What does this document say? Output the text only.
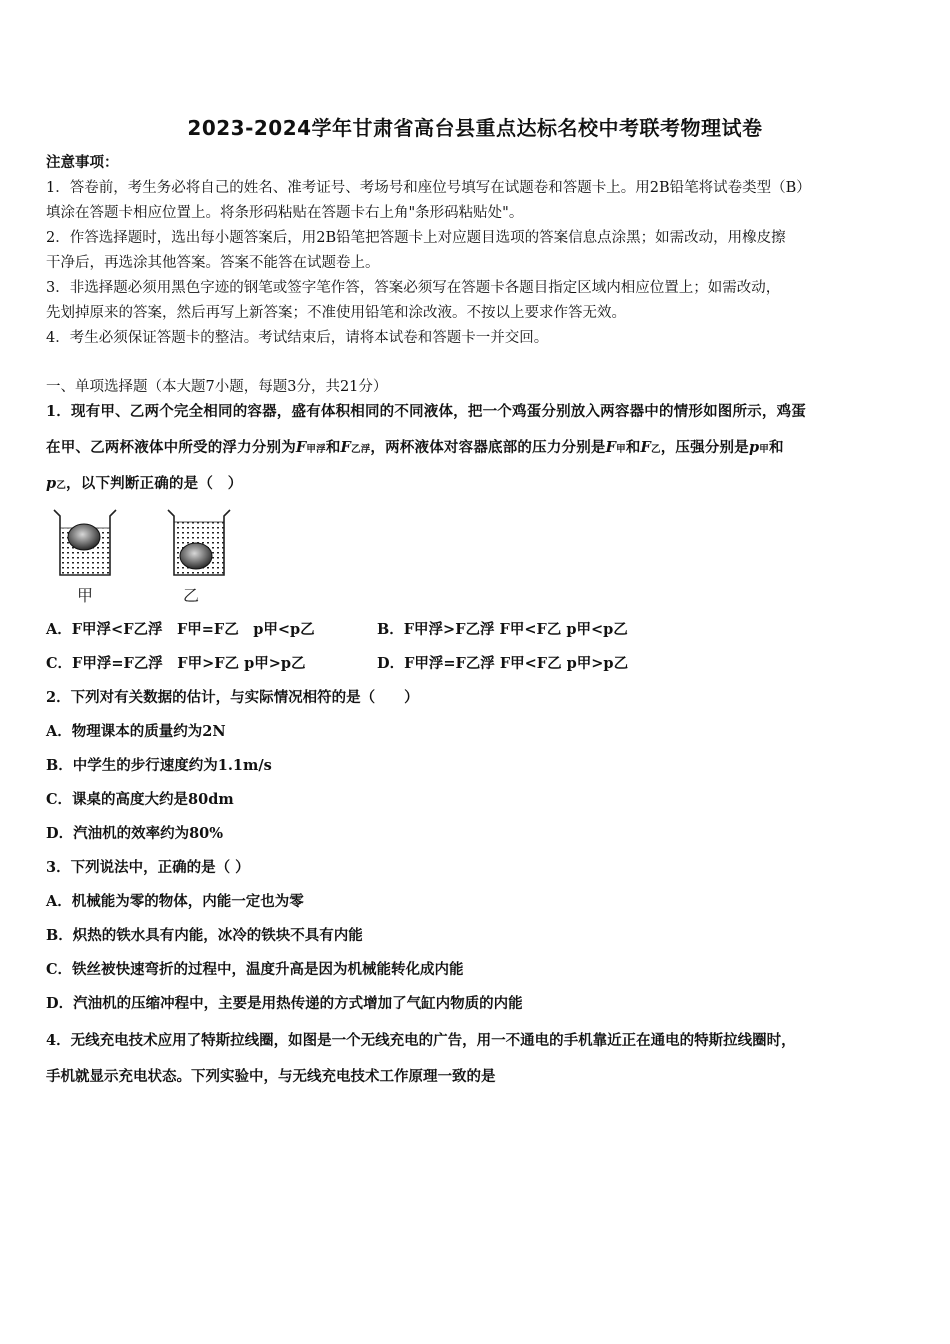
2023-2024学年甘肃省高台县重点达标名校中考联考物理试卷
注意事项：
1．答卷前，考生务必将自己的姓名、准考证号、考场号和座位号填写在试题卷和答题卡上。用2B铅笔将试卷类型（B）
填涂在答题卡相应位置上。将条形码粘贴在答题卡右上角"条形码粘贴处"。
2．作答选择题时，选出每小题答案后，用2B铅笔把答题卡上对应题目选项的答案信息点涂黑；如需改动，用橡皮擦
干净后，再选涂其他答案。答案不能答在试题卷上。
3．非选择题必须用黑色字迹的钢笔或签字笔作答，答案必须写在答题卡各题目指定区域内相应位置上；如需改动，
先划掉原来的答案，然后再写上新答案；不准使用铅笔和涂改液。不按以上要求作答无效。
4．考生必须保证答题卡的整洁。考试结束后，请将本试卷和答题卡一并交回。
一、单项选择题（本大题7小题，每题3分，共21分）
1．现有甲、乙两个完全相同的容器，盛有体积相同的不同液体，把一个鸡蛋分别放入两容器中的情形如图所示，鸡蛋
在甲、乙两杯液体中所受的浮力分别为F甲浮和F乙浮，两杯液体对容器底部的压力分别是F甲和F乙，压强分别是p甲和
p乙，以下判断正确的是（　）
甲	乙
A．F甲浮<F乙浮　F甲=F乙　p甲<p乙	B．F甲浮>F乙浮 F甲<F乙 p甲<p乙
C．F甲浮=F乙浮　F甲>F乙 p甲>p乙	D．F甲浮=F乙浮 F甲<F乙 p甲>p乙
2．下列对有关数据的估计，与实际情况相符的是（　　）
A．物理课本的质量约为2N
B．中学生的步行速度约为1.1m/s
C．课桌的高度大约是80dm
D．汽油机的效率约为80%
3．下列说法中，正确的是（ ）
A．机械能为零的物体，内能一定也为零
B．炽热的铁水具有内能，冰冷的铁块不具有内能
C．铁丝被快速弯折的过程中，温度升高是因为机械能转化成内能
D．汽油机的压缩冲程中，主要是用热传递的方式增加了气缸内物质的内能
4．无线充电技术应用了特斯拉线圈，如图是一个无线充电的广告，用一不通电的手机靠近正在通电的特斯拉线圈时，
手机就显示充电状态。下列实验中，与无线充电技术工作原理一致的是
